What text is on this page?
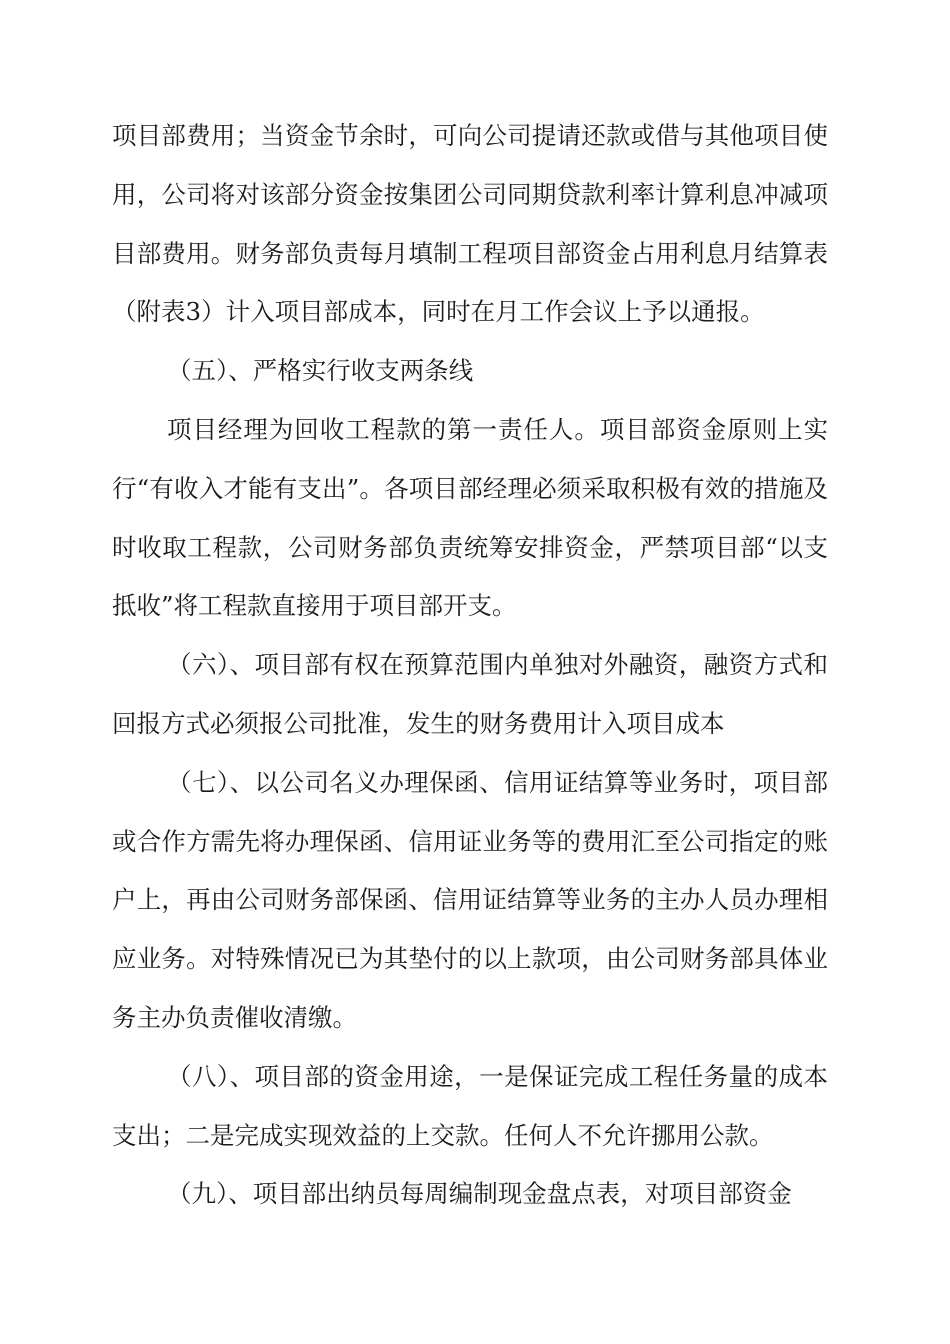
项目部费用；当资金节余时，可向公司提请还款或借与其他项目使用，公司将对该部分资金按集团公司同期贷款利率计算利息冲减项目部费用。财务部负责每月填制工程项目部资金占用利息月结算表（附表3）计入项目部成本，同时在月工作会议上予以通报。

（五）、严格实行收支两条线

项目经理为回收工程款的第一责任人。项目部资金原则上实行“有收入才能有支出”。各项目部经理必须采取积极有效的措施及时收取工程款，公司财务部负责统筹安排资金，严禁项目部“以支抵收”将工程款直接用于项目部开支。

（六）、项目部有权在预算范围内单独对外融资，融资方式和回报方式必须报公司批准，发生的财务费用计入项目成本

（七）、以公司名义办理保函、信用证结算等业务时，项目部或合作方需先将办理保函、信用证业务等的费用汇至公司指定的账户上，再由公司财务部保函、信用证结算等业务的主办人员办理相应业务。对特殊情况已为其垫付的以上款项，由公司财务部具体业务主办负责催收清缴。

（八）、项目部的资金用途，一是保证完成工程任务量的成本支出；二是完成实现效益的上交款。任何人不允许挪用公款。

（九）、项目部出纳员每周编制现金盘点表，对项目部资金
